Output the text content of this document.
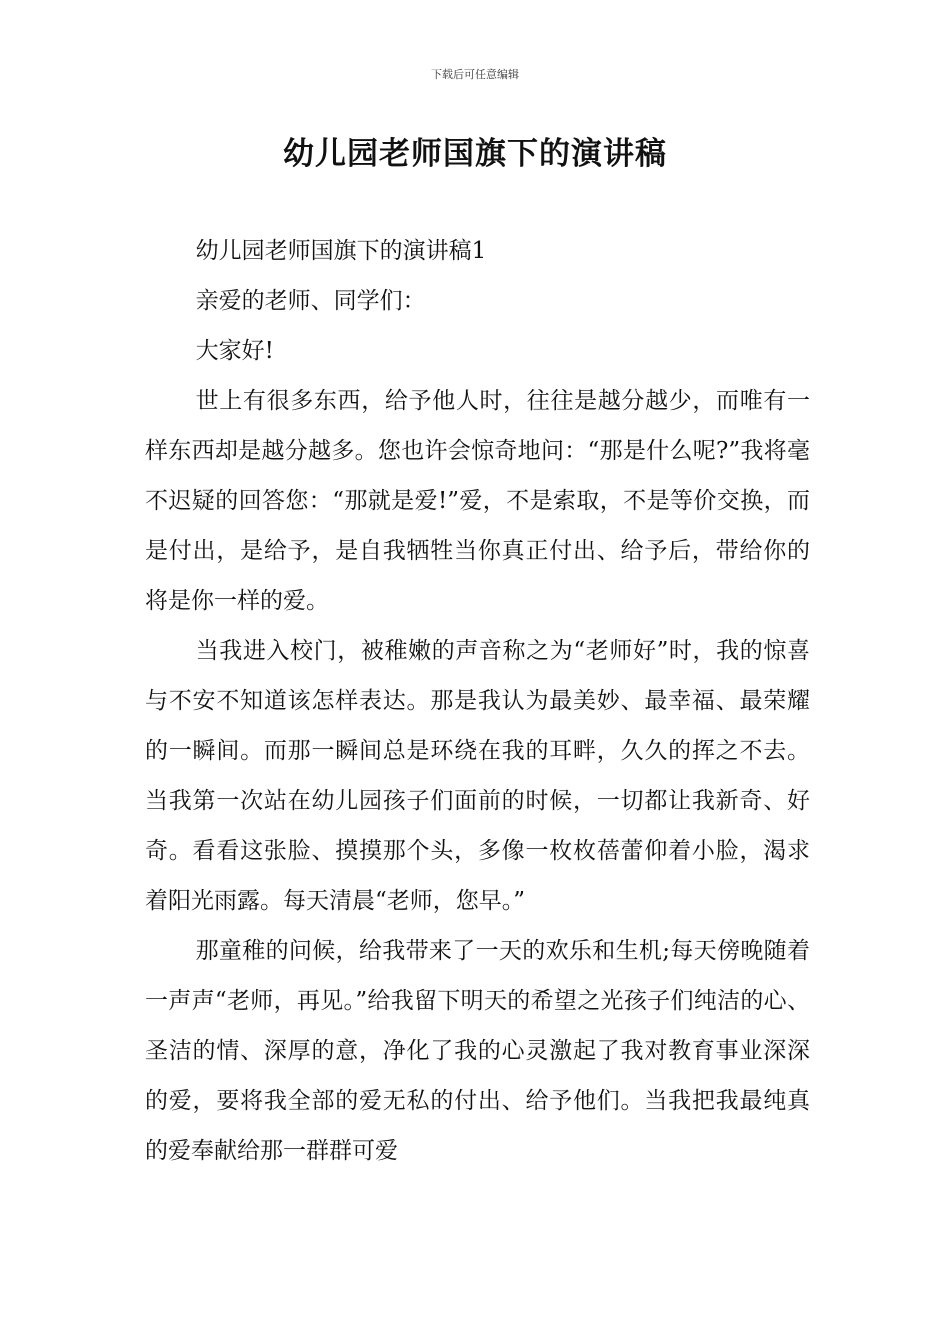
下载后可任意编辑
幼儿园老师国旗下的演讲稿

幼儿园老师国旗下的演讲稿1

亲爱的老师、同学们：

大家好!

世上有很多东西，给予他人时，往往是越分越少，而唯有一样东西却是越分越多。您也许会惊奇地问：“那是什么呢?”我将毫不迟疑的回答您：“那就是爱!”爱，不是索取，不是等价交换，而是付出，是给予，是自我牺牲当你真正付出、给予后，带给你的将是你一样的爱。

当我进入校门，被稚嫩的声音称之为“老师好”时，我的惊喜与不安不知道该怎样表达。那是我认为最美妙、最幸福、最荣耀的一瞬间。而那一瞬间总是环绕在我的耳畔，久久的挥之不去。当我第一次站在幼儿园孩子们面前的时候，一切都让我新奇、好奇。看看这张脸、摸摸那个头，多像一枚枚蓓蕾仰着小脸，渴求着阳光雨露。每天清晨“老师，您早。”

那童稚的问候，给我带来了一天的欢乐和生机;每天傍晚随着一声声“老师，再见。”给我留下明天的希望之光孩子们纯洁的心、圣洁的情、深厚的意，净化了我的心灵激起了我对教育事业深深的爱，要将我全部的爱无私的付出、给予他们。当我把我最纯真的爱奉献给那一群群可爱
